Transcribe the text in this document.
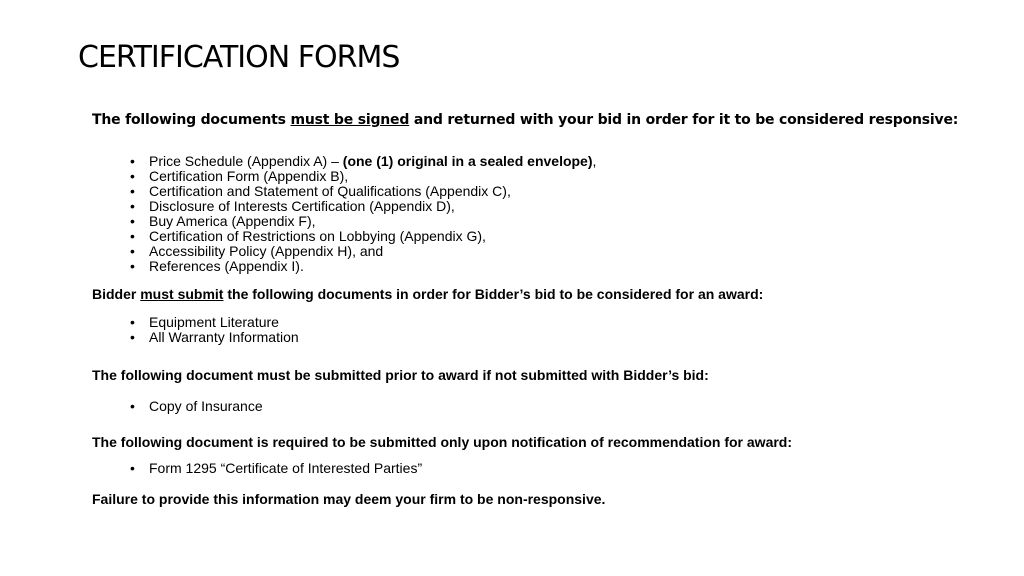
CERTIFICATION FORMS
The following documents must be signed and returned with your bid in order for it to be considered responsive:
• Price Schedule (Appendix A) – (one (1) original in a sealed envelope),
• Certification Form (Appendix B),
• Certification and Statement of Qualifications (Appendix C),
• Disclosure of Interests Certification (Appendix D),
• Buy America (Appendix F),
• Certification of Restrictions on Lobbying (Appendix G),
• Accessibility Policy (Appendix H), and
• References (Appendix I).
Bidder must submit the following documents in order for Bidder’s bid to be considered for an award:
• Equipment Literature
• All Warranty Information
The following document must be submitted prior to award if not submitted with Bidder’s bid:
• Copy of Insurance
The following document is required to be submitted only upon notification of recommendation for award:
• Form 1295 “Certificate of Interested Parties”
Failure to provide this information may deem your firm to be non-responsive.
